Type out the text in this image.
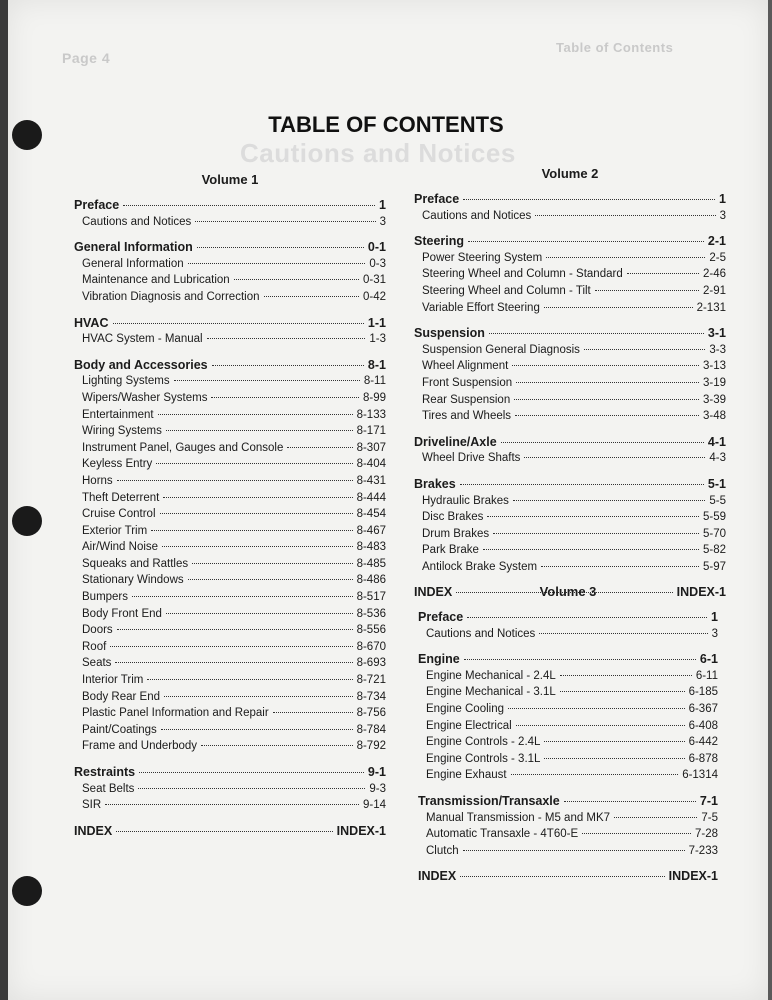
Page 4
Table of Contents
Cautions and Notices
TABLE OF CONTENTS
Volume 1
Preface	1
Cautions and Notices	3
General Information	0-1
General Information	0-3
Maintenance and Lubrication	0-31
Vibration Diagnosis and Correction	0-42
HVAC	1-1
HVAC System - Manual	1-3
Body and Accessories	8-1
Lighting Systems	8-11
Wipers/Washer Systems	8-99
Entertainment	8-133
Wiring Systems	8-171
Instrument Panel, Gauges and Console	8-307
Keyless Entry	8-404
Horns	8-431
Theft Deterrent	8-444
Cruise Control	8-454
Exterior Trim	8-467
Air/Wind Noise	8-483
Squeaks and Rattles	8-485
Stationary Windows	8-486
Bumpers	8-517
Body Front End	8-536
Doors	8-556
Roof	8-670
Seats	8-693
Interior Trim	8-721
Body Rear End	8-734
Plastic Panel Information and Repair	8-756
Paint/Coatings	8-784
Frame and Underbody	8-792
Restraints	9-1
Seat Belts	9-3
SIR	9-14
INDEX	INDEX-1
Volume 2
Preface	1
Cautions and Notices	3
Steering	2-1
Power Steering System	2-5
Steering Wheel and Column - Standard	2-46
Steering Wheel and Column - Tilt	2-91
Variable Effort Steering	2-131
Suspension	3-1
Suspension General Diagnosis	3-3
Wheel Alignment	3-13
Front Suspension	3-19
Rear Suspension	3-39
Tires and Wheels	3-48
Driveline/Axle	4-1
Wheel Drive Shafts	4-3
Brakes	5-1
Hydraulic Brakes	5-5
Disc Brakes	5-59
Drum Brakes	5-70
Park Brake	5-82
Antilock Brake System	5-97
INDEX	INDEX-1
Volume 3
Preface	1
Cautions and Notices	3
Engine	6-1
Engine Mechanical - 2.4L	6-11
Engine Mechanical - 3.1L	6-185
Engine Cooling	6-367
Engine Electrical	6-408
Engine Controls - 2.4L	6-442
Engine Controls - 3.1L	6-878
Engine Exhaust	6-1314
Transmission/Transaxle	7-1
Manual Transmission - M5 and MK7	7-5
Automatic Transaxle - 4T60-E	7-28
Clutch	7-233
INDEX	INDEX-1
